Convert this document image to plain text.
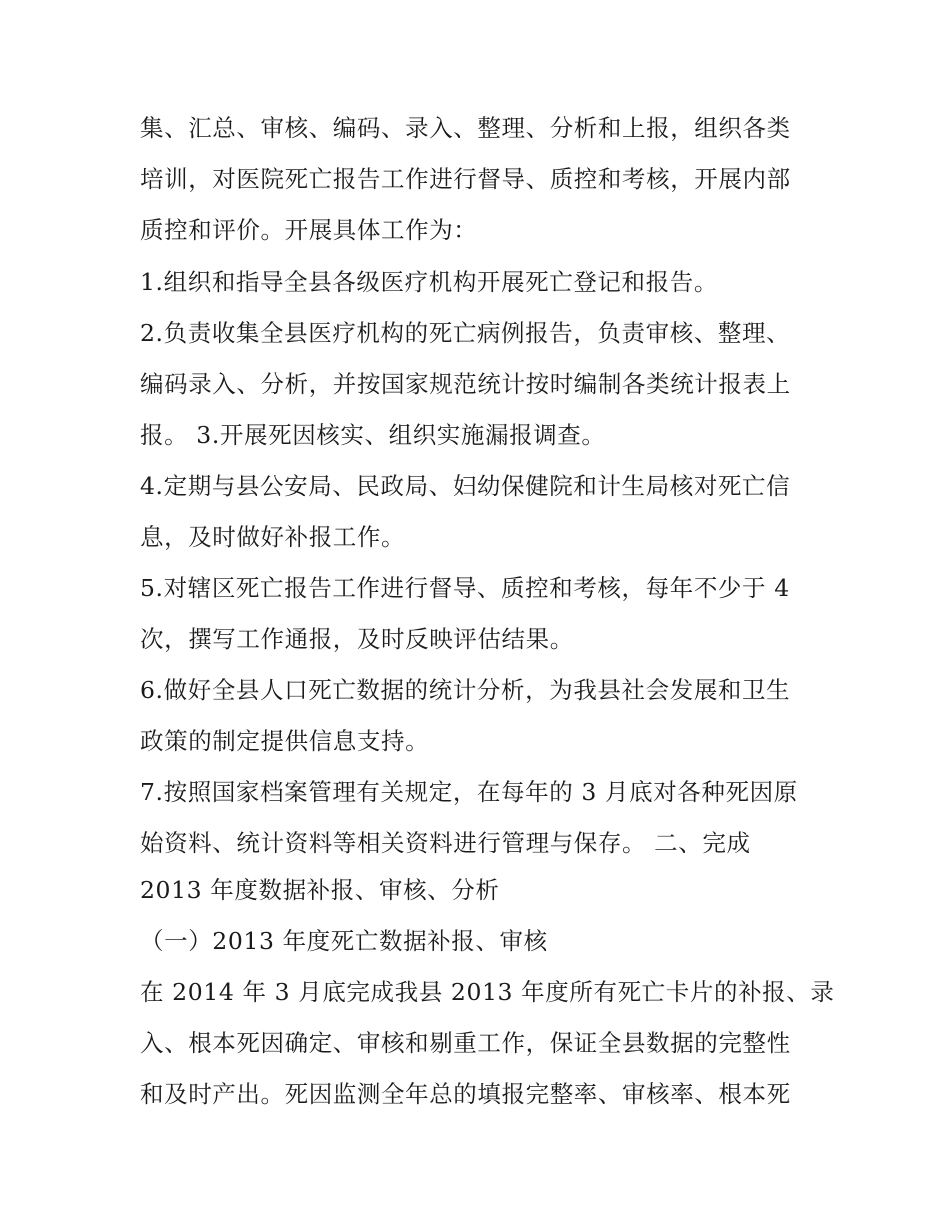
集、汇总、审核、编码、录入、整理、分析和上报，组织各类
培训，对医院死亡报告工作进行督导、质控和考核，开展内部
质控和评价。开展具体工作为：
1.组织和指导全县各级医疗机构开展死亡登记和报告。
2.负责收集全县医疗机构的死亡病例报告，负责审核、整理、
编码录入、分析，并按国家规范统计按时编制各类统计报表上
报。 3.开展死因核实、组织实施漏报调查。
4.定期与县公安局、民政局、妇幼保健院和计生局核对死亡信
息，及时做好补报工作。
5.对辖区死亡报告工作进行督导、质控和考核，每年不少于 4
次，撰写工作通报，及时反映评估结果。
6.做好全县人口死亡数据的统计分析，为我县社会发展和卫生
政策的制定提供信息支持。
7.按照国家档案管理有关规定，在每年的 3 月底对各种死因原
始资料、统计资料等相关资料进行管理与保存。 二、完成
2013 年度数据补报、审核、分析
（一）2013 年度死亡数据补报、审核
在 2014 年 3 月底完成我县 2013 年度所有死亡卡片的补报、录
入、根本死因确定、审核和剔重工作，保证全县数据的完整性
和及时产出。死因监测全年总的填报完整率、审核率、根本死
